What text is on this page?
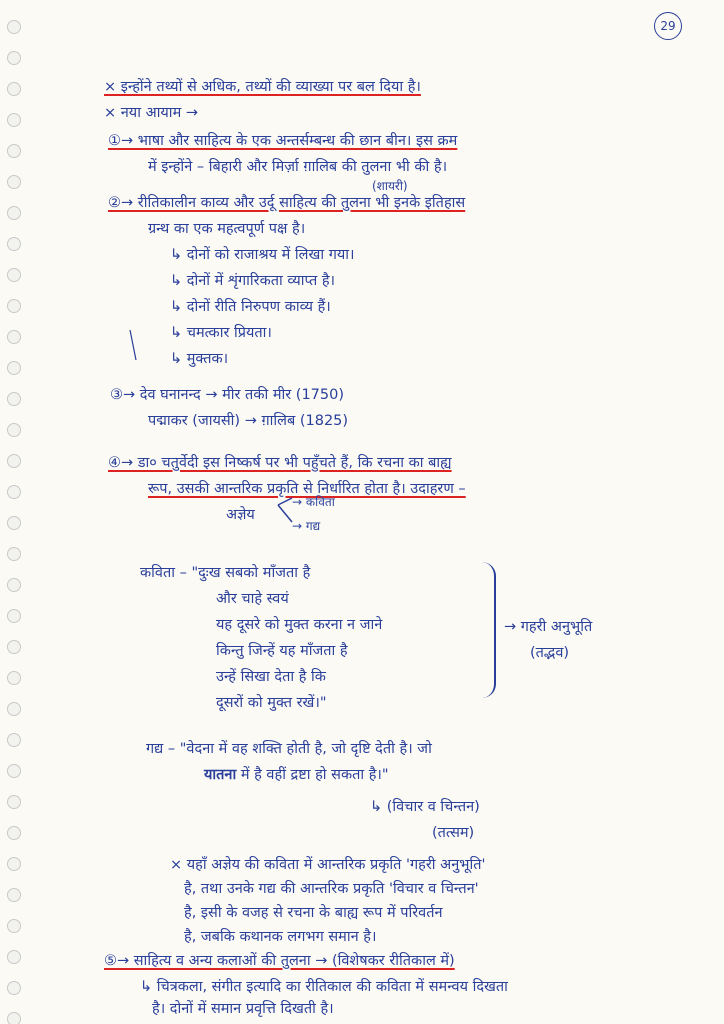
29
× इन्होंने तथ्यों से अधिक, तथ्यों की व्याख्या पर बल दिया है।
× नया आयाम →
①→ भाषा और साहित्य के एक अन्तर्सम्बन्ध की छान बीन। इस क्रम
में इन्होंने – बिहारी और मिर्ज़ा ग़ालिब की तुलना भी की है।
(शायरी)
②→ रीतिकालीन काव्य और उर्दू साहित्य की तुलना भी इनके इतिहास
ग्रन्थ का एक महत्वपूर्ण पक्ष है।
↳ दोनों को राजाश्रय में लिखा गया।
↳ दोनों में शृंगारिकता व्याप्त है।
↳ दोनों रीति निरुपण काव्य हैं।
↳ चमत्कार प्रियता।
↳ मुक्तक।
③→ देव घनानन्द → मीर तकी मीर (1750)
पद्माकर (जायसी) → ग़ालिब (1825)
④→ डा० चतुर्वेदी इस निष्कर्ष पर भी पहुँचते हैं, कि रचना का बाह्य
रूप, उसकी आन्तरिक प्रकृति से निर्धारित होता है। उदाहरण –
अज्ञेय
→ कविता
→ गद्य
कविता – "दुःख सबको माँजता है
और चाहे स्वयं
यह दूसरे को मुक्त करना न जाने
किन्तु जिन्हें यह माँजता है
उन्हें सिखा देता है कि
दूसरों को मुक्त रखें।"
→ गहरी अनुभूति
(तद्भव)
गद्य – "वेदना में वह शक्ति होती है, जो दृष्टि देती है। जो
यातना में है वहीं द्रष्टा हो सकता है।"
↳ (विचार व चिन्तन)
(तत्सम)
× यहाँ अज्ञेय की कविता में आन्तरिक प्रकृति 'गहरी अनुभूति'
है, तथा उनके गद्य की आन्तरिक प्रकृति 'विचार व चिन्तन'
है, इसी के वजह से रचना के बाह्य रूप में परिवर्तन
है, जबकि कथानक लगभग समान है।
⑤→ साहित्य व अन्य कलाओं की तुलना → (विशेषकर रीतिकाल में)
↳ चित्रकला, संगीत इत्यादि का रीतिकाल की कविता में समन्वय दिखता
है। दोनों में समान प्रवृत्ति दिखती है।
